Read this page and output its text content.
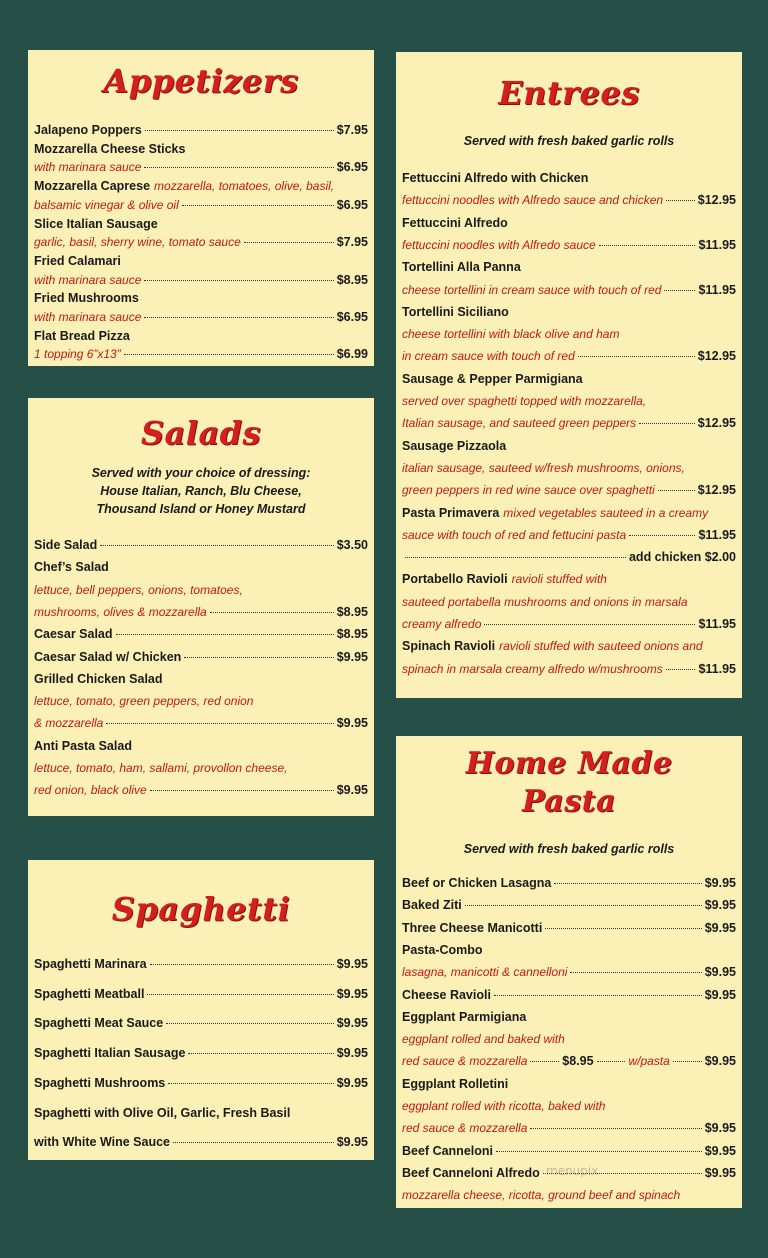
Appetizers
Jalapeno Poppers	$7.95
Mozzarella Cheese Sticks
with marinara sauce	$6.95
Mozzarella Caprese mozzarella, tomatoes, olive, basil,
balsamic vinegar & olive oil	$6.95
Slice Italian Sausage
garlic, basil, sherry wine, tomato sauce	$7.95
Fried Calamari
with marinara sauce	$8.95
Fried Mushrooms
with marinara sauce	$6.95
Flat Bread Pizza
1 topping 6”x13”	$6.99
Salads
Served with your choice of dressing:
House Italian, Ranch, Blu Cheese,
Thousand Island or Honey Mustard
Side Salad	$3.50
Chef’s Salad
lettuce, bell peppers, onions, tomatoes,
mushrooms, olives & mozzarella	$8.95
Caesar Salad	$8.95
Caesar Salad w/ Chicken	$9.95
Grilled Chicken Salad
lettuce, tomato, green peppers, red onion
& mozzarella	$9.95
Anti Pasta Salad
lettuce, tomato, ham, sallami, provollon cheese,
red onion, black olive	$9.95
Spaghetti
Spaghetti Marinara	$9.95
Spaghetti Meatball	$9.95
Spaghetti Meat Sauce	$9.95
Spaghetti Italian Sausage	$9.95
Spaghetti Mushrooms	$9.95
Spaghetti with Olive Oil, Garlic, Fresh Basil
with White Wine Sauce	$9.95
Entrees
Served with fresh baked garlic rolls
Fettuccini Alfredo with Chicken
fettuccini noodles with Alfredo sauce and chicken	$12.95
Fettuccini Alfredo
fettuccini noodles with Alfredo sauce	$11.95
Tortellini Alla Panna
cheese tortellini in cream sauce with touch of red	$11.95
Tortellini Siciliano
cheese tortellini with black olive and ham
in cream sauce with touch of red	$12.95
Sausage & Pepper Parmigiana
served over spaghetti topped with mozzarella,
Italian sausage, and sauteed green peppers	$12.95
Sausage Pizzaola
italian sausage, sauteed w/fresh mushrooms, onions,
green peppers in red wine sauce over spaghetti	$12.95
Pasta Primavera mixed vegetables sauteed in a creamy
sauce with touch of red and fettucini pasta	$11.95
add chicken $2.00
Portabello Ravioli ravioli stuffed with
sauteed portabella mushrooms and onions in marsala
creamy alfredo	$11.95
Spinach Ravioli ravioli stuffed with sauteed onions and
spinach in marsala creamy alfredo w/mushrooms	$11.95
Home Made
Pasta
Served with fresh baked garlic rolls
Beef or Chicken Lasagna	$9.95
Baked Ziti	$9.95
Three Cheese Manicotti	$9.95
Pasta-Combo
lasagna, manicotti & cannelloni	$9.95
Cheese Ravioli	$9.95
Eggplant Parmigiana
eggplant rolled and baked with
red sauce & mozzarella	$8.95	w/pasta	$9.95
Eggplant Rolletini
eggplant rolled with ricotta, baked with
red sauce & mozzarella	$9.95
Beef Canneloni	$9.95
Beef Canneloni Alfredo	$9.95
mozzarella cheese, ricotta, ground beef and spinach
menupix
